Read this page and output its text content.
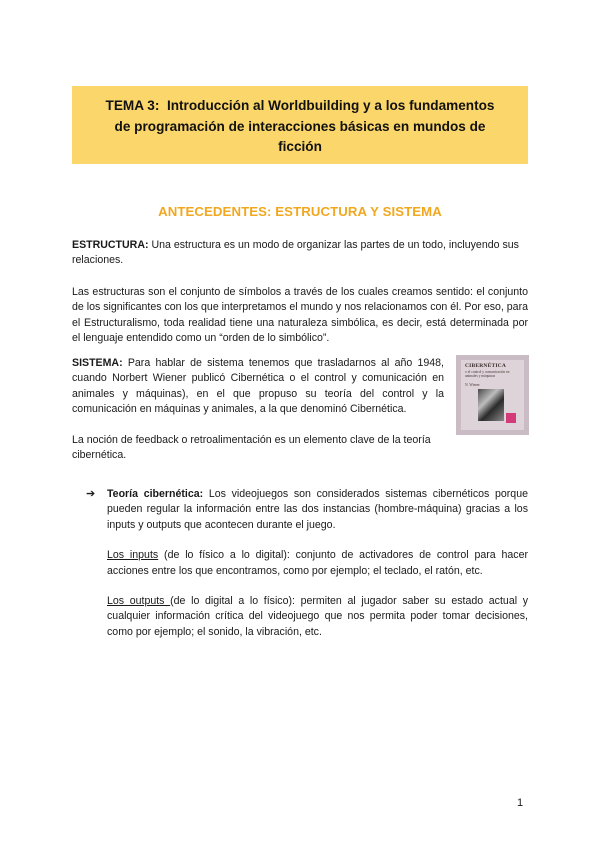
TEMA 3: Introducción al Worldbuilding y a los fundamentos
de programación de interacciones básicas en mundos de
ficción
ANTECEDENTES: ESTRUCTURA Y SISTEMA

ESTRUCTURA: Una estructura es un modo de organizar las partes de un todo, incluyendo sus relaciones.

Las estructuras son el conjunto de símbolos a través de los cuales creamos sentido: el conjunto de los significantes con los que interpretamos el mundo y nos relacionamos con él. Por eso, para el Estructuralismo, toda realidad tiene una naturaleza simbólica, es decir, está determinada por el lenguaje entendido como un “orden de lo simbólico”.

SISTEMA: Para hablar de sistema tenemos que trasladarnos al año 1948, cuando Norbert Wiener publicó Cibernética o el control y comunicación en animales y máquinas), en el que propuso su teoría del control y la comunicación en máquinas y animales, a la que denominó Cibernética.

La noción de feedback o retroalimentación es un elemento clave de la teoría cibernética.

CIBERNÉTICA
o el control y comunicación en animales y máquinas
N. Wiener
➔ Teoría cibernética: Los videojuegos son considerados sistemas cibernéticos porque pueden regular la información entre las dos instancias (hombre-máquina) gracias a los inputs y outputs que acontecen durante el juego.

Los inputs (de lo físico a lo digital): conjunto de activadores de control para hacer acciones entre los que encontramos, como por ejemplo; el teclado, el ratón, etc.

Los outputs (de lo digital a lo físico): permiten al jugador saber su estado actual y cualquier información crítica del videojuego que nos permita poder tomar decisiones, como por ejemplo; el sonido, la vibración, etc.

1
